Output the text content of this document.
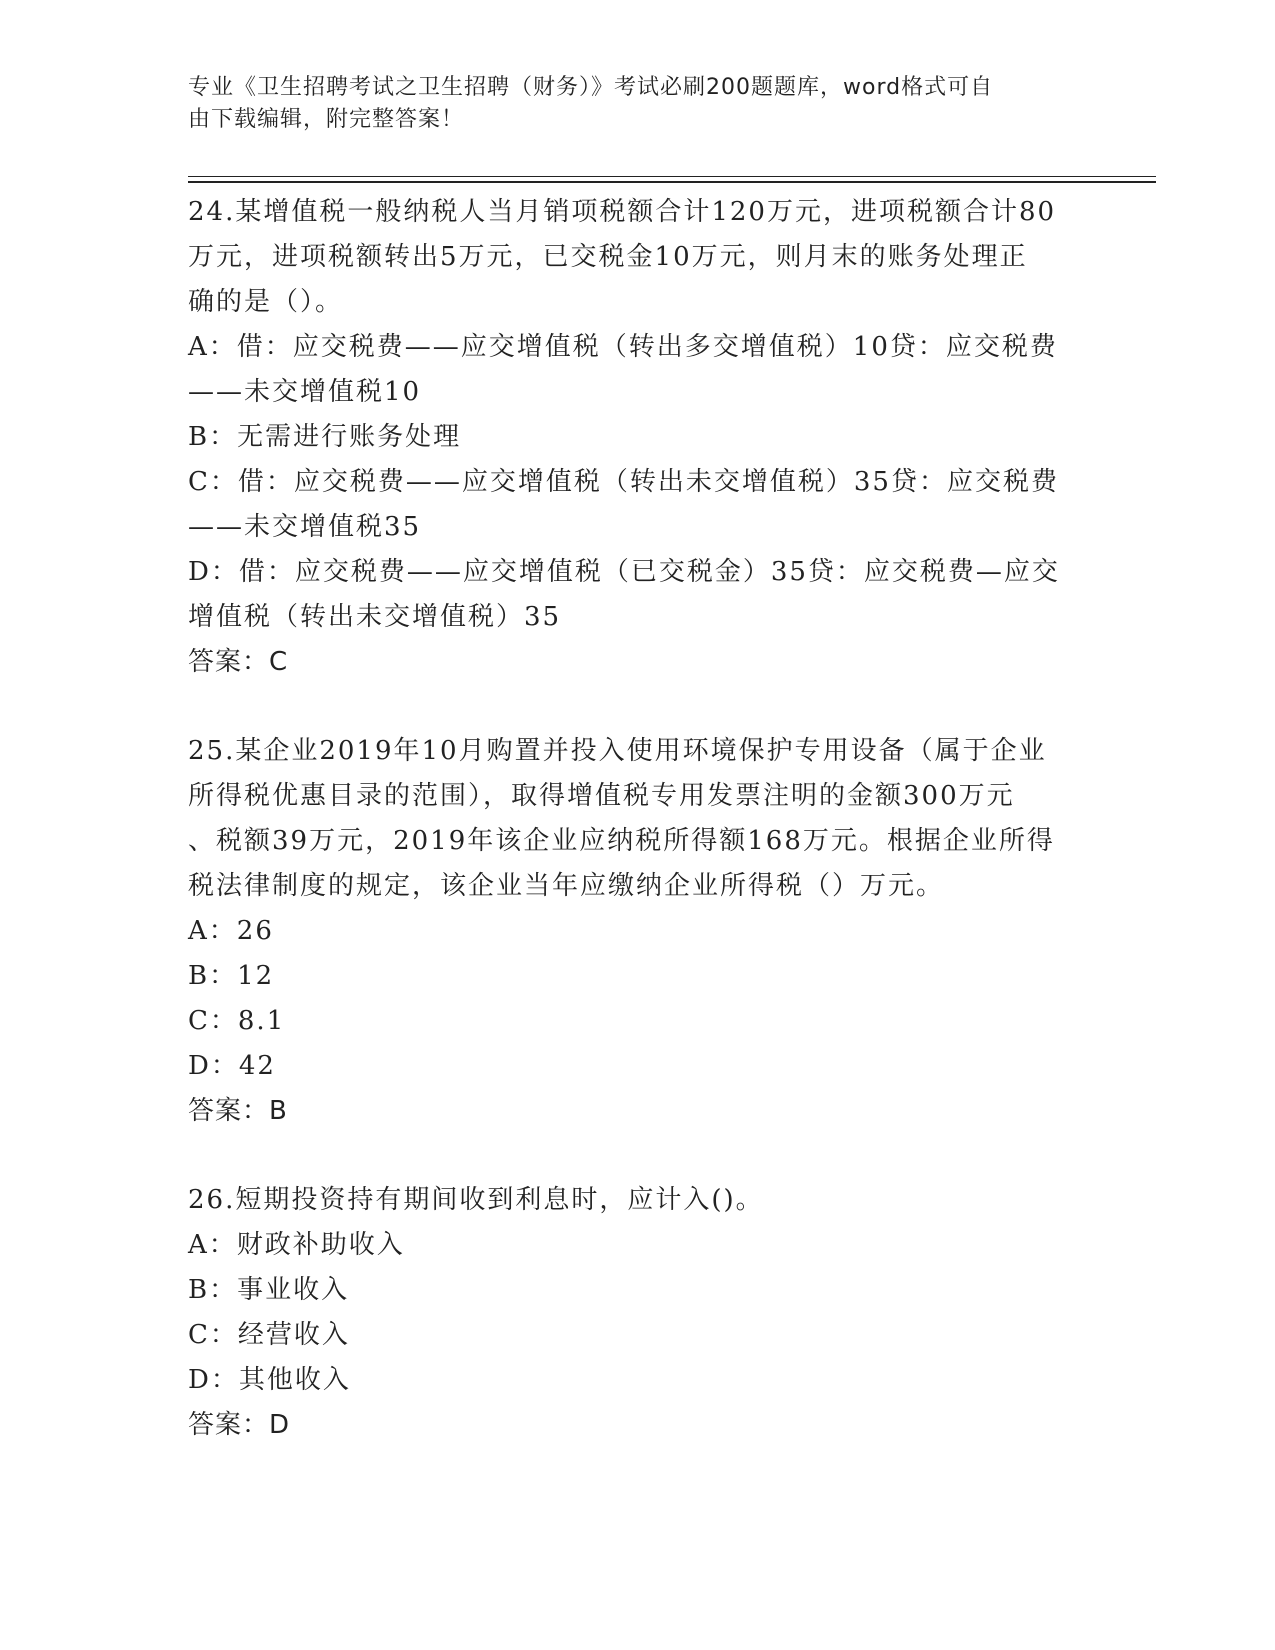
专业《卫生招聘考试之卫生招聘（财务）》考试必刷200题题库，word格式可自
由下载编辑，附完整答案！
24.某增值税一般纳税人当月销项税额合计120万元，进项税额合计80
万元，进项税额转出5万元，已交税金10万元，则月末的账务处理正
确的是（）。
A：借：应交税费——应交增值税（转出多交增值税）10贷：应交税费
——未交增值税10
B：无需进行账务处理
C：借：应交税费——应交增值税（转出未交增值税）35贷：应交税费
——未交增值税35
D：借：应交税费——应交增值税（已交税金）35贷：应交税费—应交
增值税（转出未交增值税）35
答案：C
25.某企业2019年10月购置并投入使用环境保护专用设备（属于企业
所得税优惠目录的范围），取得增值税专用发票注明的金额300万元
、税额39万元，2019年该企业应纳税所得额168万元。根据企业所得
税法律制度的规定，该企业当年应缴纳企业所得税（）万元。
A：26
B：12
C：8.1
D：42
答案：B
26.短期投资持有期间收到利息时，应计入()。
A：财政补助收入
B：事业收入
C：经营收入
D：其他收入
答案：D
